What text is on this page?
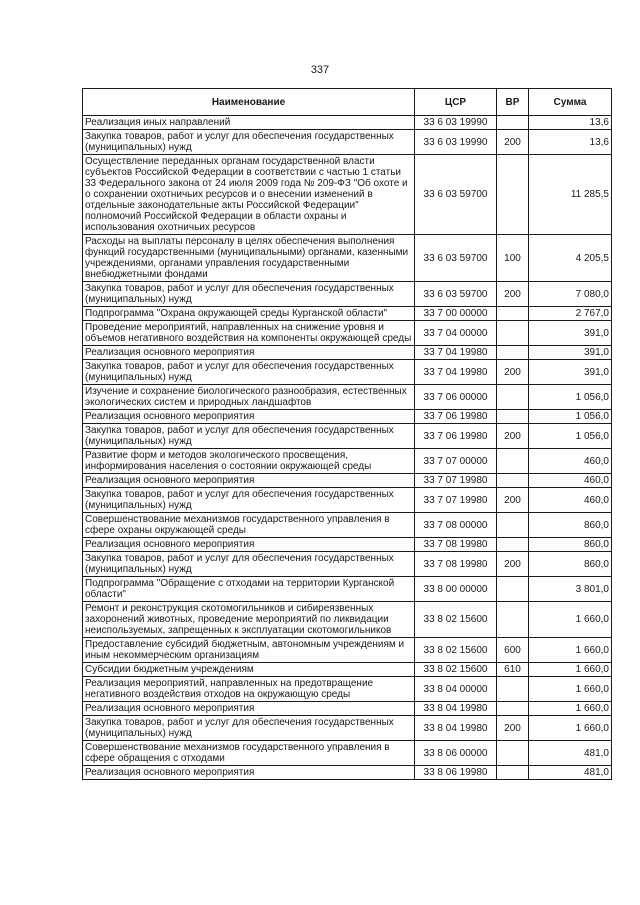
337
Наименование	ЦСР	ВР	Сумма
Реализация иных направлений	33 6 03 19990		13,6
Закупка товаров, работ и услуг для обеспечения государственных (муниципальных) нужд	33 6 03 19990	200	13,6
Осуществление переданных органам государственной власти субъектов Российской Федерации в соответствии с частью 1 статьи 33 Федерального закона от 24 июля 2009 года № 209-ФЗ "Об охоте и о сохранении охотничьих ресурсов и о внесении изменений в отдельные законодательные акты Российской Федерации" полномочий Российской Федерации в области охраны и использования охотничьих ресурсов	33 6 03 59700		11 285,5
Расходы на выплаты персоналу в целях обеспечения выполнения функций государственными (муниципальными) органами, казенными учреждениями, органами управления государственными внебюджетными фондами	33 6 03 59700	100	4 205,5
Закупка товаров, работ и услуг для обеспечения государственных (муниципальных) нужд	33 6 03 59700	200	7 080,0
Подпрограмма "Охрана окружающей среды Курганской области"	33 7 00 00000		2 767,0
Проведение мероприятий, направленных на снижение уровня и объемов негативного воздействия на компоненты окружающей среды	33 7 04 00000		391,0
Реализация основного мероприятия	33 7 04 19980		391,0
Закупка товаров, работ и услуг для обеспечения государственных (муниципальных) нужд	33 7 04 19980	200	391,0
Изучение и сохранение биологического разнообразия, естественных экологических систем и природных ландшафтов	33 7 06 00000		1 056,0
Реализация основного мероприятия	33 7 06 19980		1 056,0
Закупка товаров, работ и услуг для обеспечения государственных (муниципальных) нужд	33 7 06 19980	200	1 056,0
Развитие форм и методов экологического просвещения, информирования населения о состоянии окружающей среды	33 7 07 00000		460,0
Реализация основного мероприятия	33 7 07 19980		460,0
Закупка товаров, работ и услуг для обеспечения государственных (муниципальных) нужд	33 7 07 19980	200	460,0
Совершенствование механизмов государственного управления в сфере охраны окружающей среды	33 7 08 00000		860,0
Реализация основного мероприятия	33 7 08 19980		860,0
Закупка товаров, работ и услуг для обеспечения государственных (муниципальных) нужд	33 7 08 19980	200	860,0
Подпрограмма "Обращение с отходами на территории Курганской области"	33 8 00 00000		3 801,0
Ремонт и реконструкция скотомогильников и сибиреязвенных захоронений животных, проведение мероприятий по ликвидации неиспользуемых, запрещенных к эксплуатации скотомогильников	33 8 02 15600		1 660,0
Предоставление субсидий бюджетным, автономным учреждениям и иным некоммерческим организациям	33 8 02 15600	600	1 660,0
Субсидии бюджетным учреждениям	33 8 02 15600	610	1 660,0
Реализация мероприятий, направленных на предотвращение негативного воздействия отходов на окружающую среды	33 8 04 00000		1 660,0
Реализация основного мероприятия	33 8 04 19980		1 660,0
Закупка товаров, работ и услуг для обеспечения государственных (муниципальных) нужд	33 8 04 19980	200	1 660,0
Совершенствование механизмов государственного управления в сфере обращения с отходами	33 8 06 00000		481,0
Реализация основного мероприятия	33 8 06 19980		481,0
